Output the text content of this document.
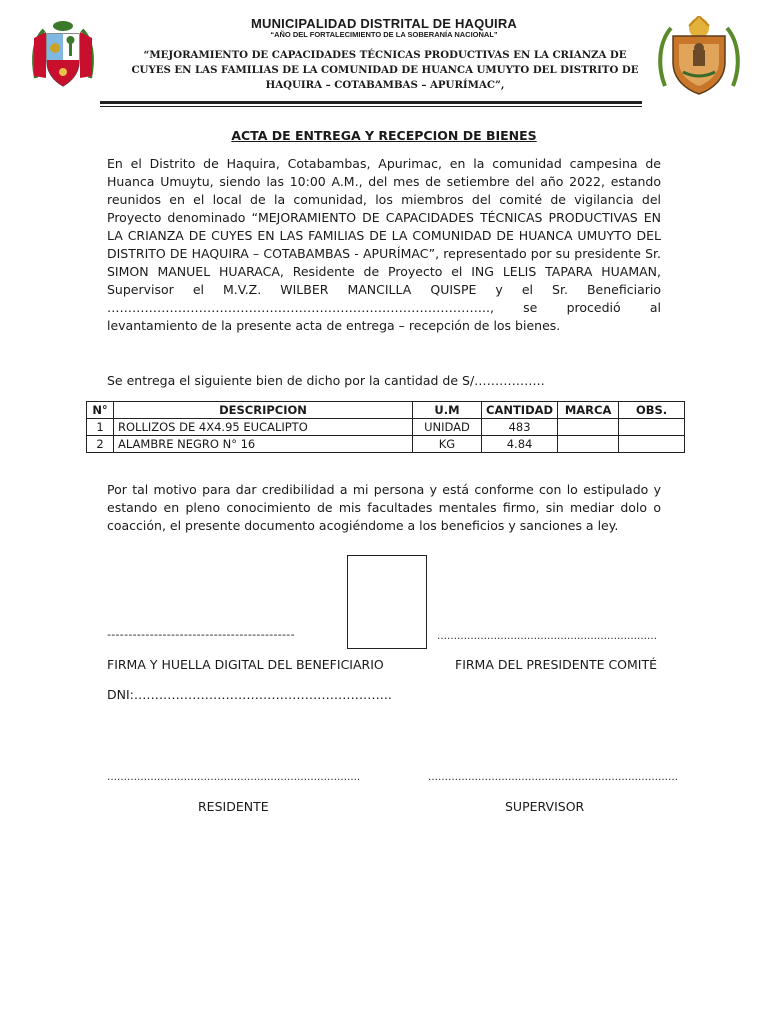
MUNICIPALIDAD DISTRITAL DE HAQUIRA
“AÑO DEL FORTALECIMIENTO DE LA SOBERANÍA NACIONAL”
“MEJORAMIENTO DE CAPACIDADES TÉCNICAS PRODUCTIVAS EN LA CRIANZA DE
CUYES EN LAS FAMILIAS DE LA COMUNIDAD DE HUANCA UMUYTO DEL DISTRITO DE
HAQUIRA – COTABAMBAS – APURÍMAC”,
ACTA DE ENTREGA Y RECEPCION DE BIENES
En el Distrito de Haquira, Cotabambas, Apurimac, en la comunidad campesina de Huanca Umuytu, siendo las 10:00 A.M., del mes de setiembre del año 2022, estando reunidos en el local de la comunidad, los miembros del comité de vigilancia del Proyecto denominado “MEJORAMIENTO DE CAPACIDADES TÉCNICAS PRODUCTIVAS EN LA CRIANZA DE CUYES EN LAS FAMILIAS DE LA COMUNIDAD DE HUANCA UMUYTO DEL DISTRITO DE HAQUIRA – COTABAMBAS - APURÍMAC”, representado por su presidente Sr. SIMON MANUEL HUARACA, Residente de Proyecto el ING LELIS TAPARA HUAMAN, Supervisor el M.V.Z. WILBER MANCILLA QUISPE y el Sr. Beneficiario ……………………………………………………………………………….., se procedió al levantamiento de la presente acta de entrega – recepción de los bienes.
Se entrega el siguiente bien de dicho por la cantidad de S/……………..
N°	DESCRIPCION	U.M	CANTIDAD	MARCA	OBS.
1	ROLLIZOS DE 4X4.95 EUCALIPTO	UNIDAD	483		
2	ALAMBRE NEGRO N° 16	KG	4.84		
Por tal motivo para dar credibilidad a mi persona y está conforme con lo estipulado y estando en pleno conocimiento de mis facultades mentales firmo, sin mediar dolo o coacción, el presente documento acogiéndome a los beneficios y sanciones a ley.
--------------------------------------------	…………………………………………………………
FIRMA Y HUELLA DIGITAL DEL BENEFICIARIO	FIRMA DEL PRESIDENTE COMITÉ
DNI:……………………………………………………..
………………………………………………………………….	…………………………………………………………………
RESIDENTE	SUPERVISOR
